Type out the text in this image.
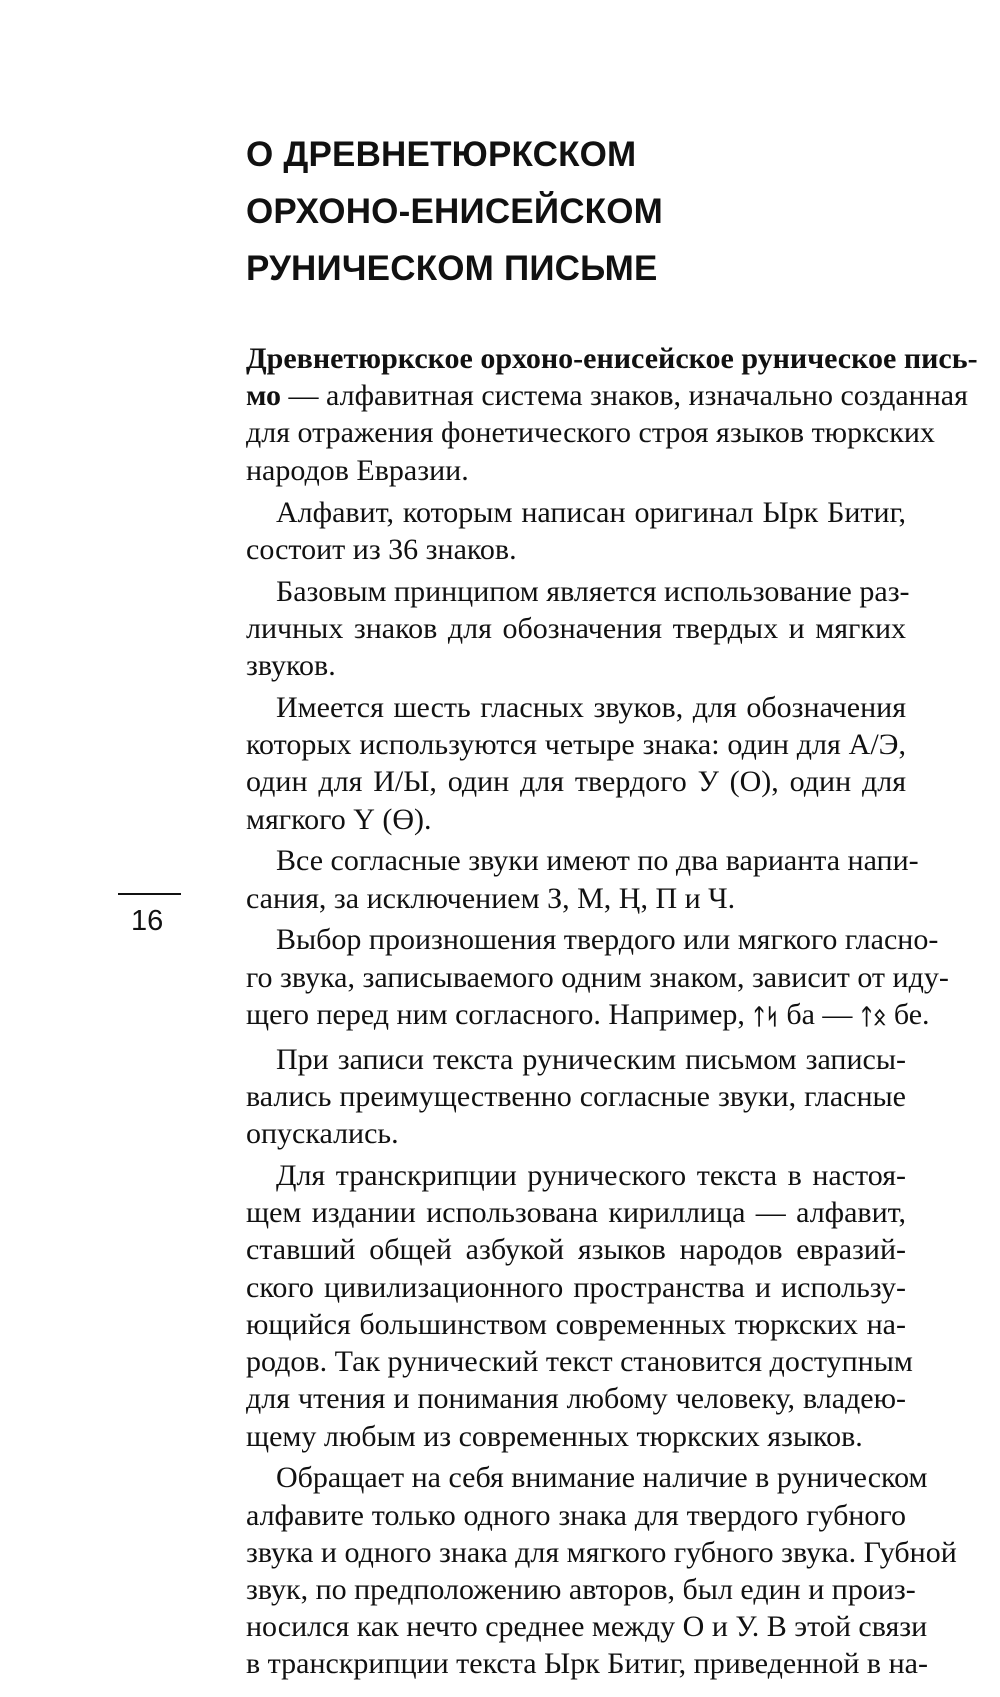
О ДРЕВНЕТЮРКСКОМ
ОРХОНО-ЕНИСЕЙСКОМ
РУНИЧЕСКОМ ПИСЬМЕ
16

Древнетюркское орхоно-енисейское руническое пись-
мо — алфавитная система знаков, изначально созданная
для отражения фонетического строя языков тюркских
народов Евразии.

Алфавит, которым написан оригинал Ырк Битиг,
состоит из 36 знаков.

Базовым принципом является использование раз-
личных знаков для обозначения твердых и мягких
звуков.

Имеется шесть гласных звуков, для обозначения
которых используются четыре знака: один для А/Э,
один для И/Ы, один для твердого У (О), один для
мягкого Ү (Ө).

Все согласные звуки имеют по два варианта напи-
сания, за исключением З, М, Ң, П и Ч.

Выбор произношения твердого или мягкого гласно-
го звука, записываемого одним знаком, зависит от иду-
щего перед ним согласного. Например, ᛏᛋ ба — ᛏᛟ бе.

При записи текста руническим письмом записы-
вались преимущественно согласные звуки, гласные
опускались.

Для транскрипции рунического текста в настоя-
щем издании использована кириллица — алфавит,
ставший общей азбукой языков народов евразий-
ского цивилизационного пространства и использу-
ющийся большинством современных тюркских на-
родов. Так рунический текст становится доступным
для чтения и понимания любому человеку, владею-
щему любым из современных тюркских языков.

Обращает на себя внимание наличие в руническом
алфавите только одного знака для твердого губного
звука и одного знака для мягкого губного звука. Губной
звук, по предположению авторов, был един и произ-
носился как нечто среднее между О и У. В этой связи
в транскрипции текста Ырк Битиг, приведенной в на-
